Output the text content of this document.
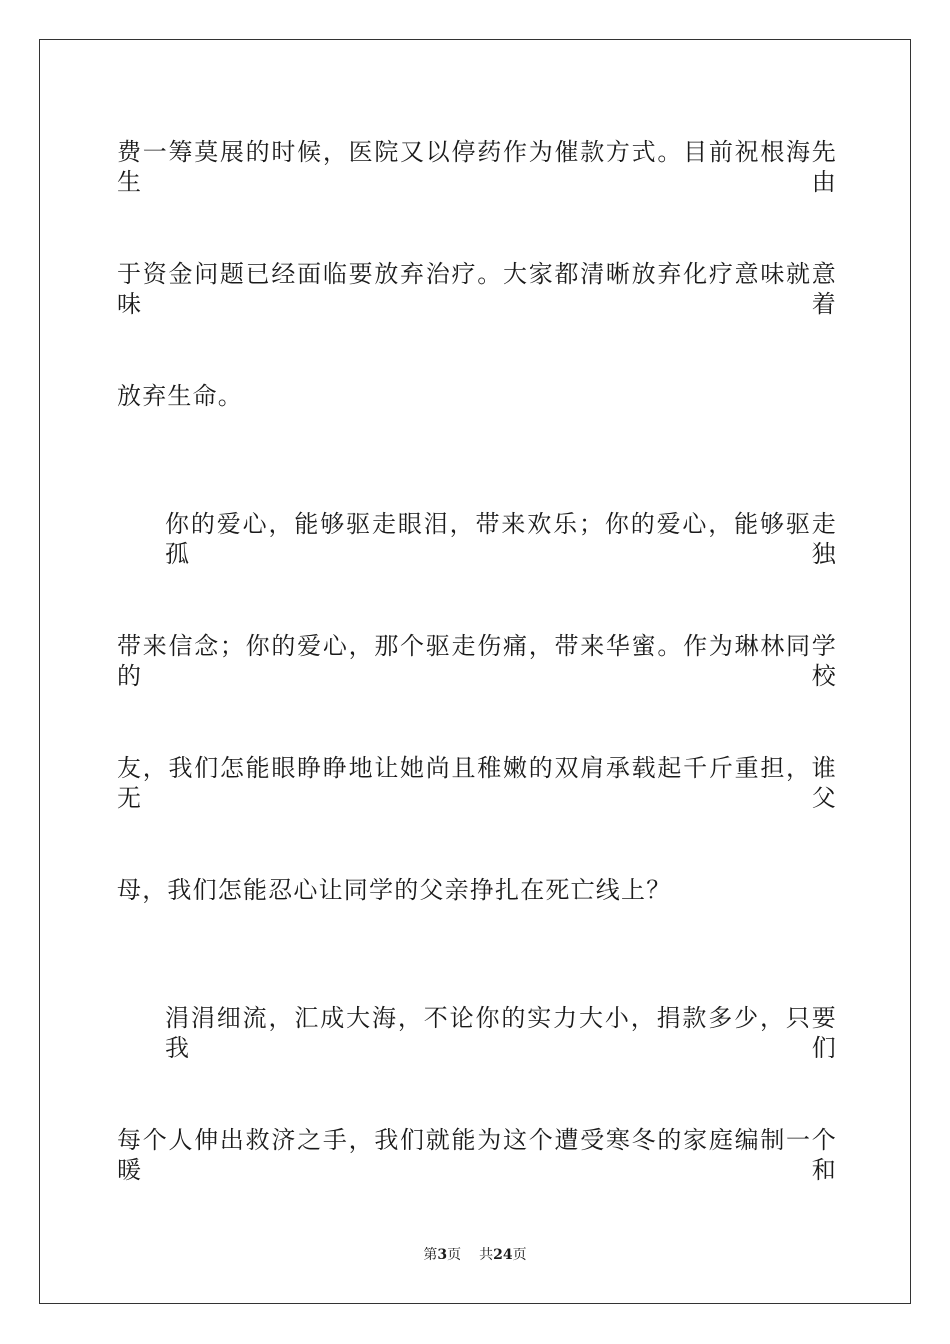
费一筹莫展的时候，医院又以停药作为催款方式。目前祝根海先生由
于资金问题已经面临要放弃治疗。大家都清晰放弃化疗意味就意味着
放弃生命。
你的爱心，能够驱走眼泪，带来欢乐；你的爱心，能够驱走孤独
带来信念；你的爱心，那个驱走伤痛，带来华蜜。作为琳林同学的校
友，我们怎能眼睁睁地让她尚且稚嫩的双肩承载起千斤重担，谁无父
母，我们怎能忍心让同学的父亲挣扎在死亡线上？
涓涓细流，汇成大海，不论你的实力大小，捐款多少，只要我们
每个人伸出救济之手，我们就能为这个遭受寒冬的家庭编制一个暖和
第3页 共24页
